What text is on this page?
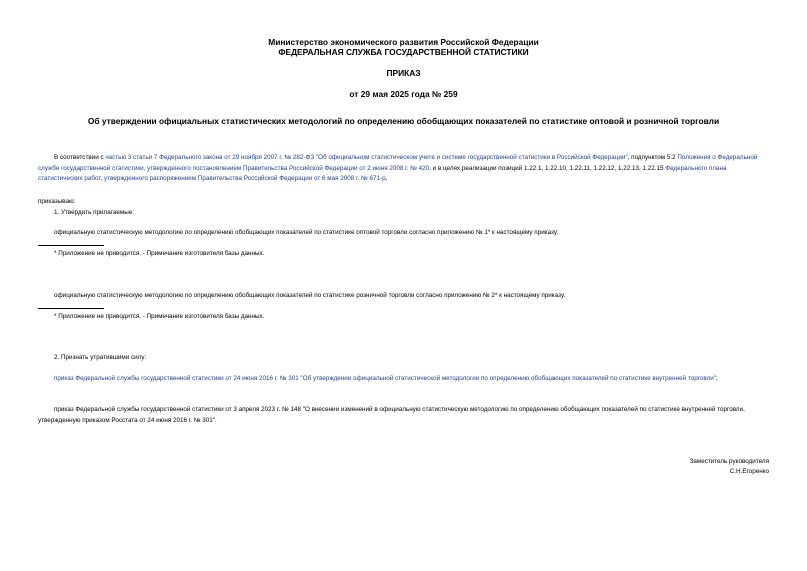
Министерство экономического развития Российской Федерации
ФЕДЕРАЛЬНАЯ СЛУЖБА ГОСУДАРСТВЕННОЙ СТАТИСТИКИ
ПРИКАЗ
от 29 мая 2025 года № 259
Об утверждении официальных статистических методологий по определению обобщающих показателей по статистике оптовой и розничной торговли
В соответствии с частью 3 статьи 7 Федерального закона от 29 ноября 2007 г. № 282-ФЗ "Об официальном статистическом учете и системе государственной статистики в Российской Федерации", подпунктом 5.2 Положения о Федеральной службе государственной статистики, утвержденного постановлением Правительства Российской Федерации от 2 июня 2008 г. № 420, и в целях реализации позиций 1.22.1, 1.22.10, 1.22.11, 1.22.12, 1.22.13, 1.22.15 Федерального плана статистических работ, утвержденного распоряжением Правительства Российской Федерации от 6 мая 2008 г. № 671-р,
приказываю:
1. Утвердить прилагаемые:
официальную статистическую методологию по определению обобщающих показателей по статистике оптовой торговли согласно приложению № 1* к настоящему приказу;
* Приложение не приводится. - Примечание изготовителя базы данных.
официальную статистическую методологию по определению обобщающих показателей по статистике розничной торговли согласно приложению № 2* к настоящему приказу.
* Приложение не приводится. - Примечание изготовителя базы данных.
2. Признать утратившими силу:
приказ Федеральной службы государственной статистики от 24 июня 2016 г. № 301 "Об утверждении официальной статистической методологии по определению обобщающих показателей по статистике внутренней торговли";
приказ Федеральной службы государственной статистики от 3 апреля 2023 г. № 148 "О внесении изменений в официальную статистическую методологию по определению обобщающих показателей по статистике внутренней торговли, утвержденную приказом Росстата от 24 июня 2016 г. № 301".
Заместитель руководителя
С.Н.Егоренко
